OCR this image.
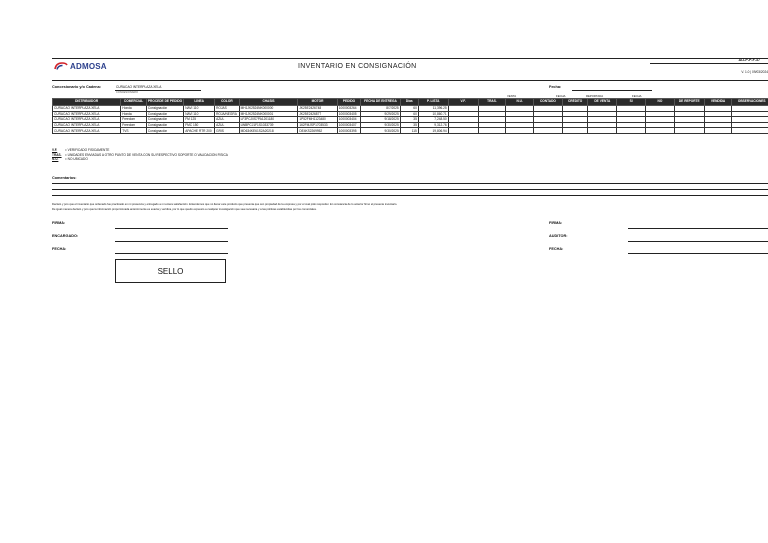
ADMOSA	INVENTARIO EN CONSIGNACIÓN
AI-LP-P-F-37
V. 1.0 | 09/03/2024
Concesionario y/o Cadena:	CURACAO INTERPLAZA XELA
CONCESIONARIO
Fecha:
VENTA	FECHA	REPORTADA	FECHA
DISTRIBUIDOR	COMERCIAL	PROCEDE DE PEDIDO	LINEA	COLOR	CHASIS	MOTOR	PEDIDO	FECHA DE ENTREGA	Días	P. LISTA	V.F.	TRAS.	N.U.	CONTADO	CRÉDITO	DE VENTA	SI	NO	DE REPORTE	VENDIDA	OBSERVACIONES
CURACAO INTERPLAZA XELA	Honda	Consignación	NAVI 110	ROJAS	MH1JK2524NK000000	JK25E2426748	1000003264	8/7/2025	60	11,396.25											
CURACAO INTERPLAZA XELA	Honda	Consignación	NAVI 110	ROJA/NEGRA	MH1JK2524NK000001	JK25E2426877	1000003405	9/29/2025	60	10,860.71											
CURACAO INTERPLAZA XELA	Freedom	Consignación	FM 125	AZUL	LF3PCJ0S7PA1201180	1P52FMH1123480	1000003404	9/18/2025	35	7,248.50											
CURACAO INTERPLAZA XELA	Freedom	Consignación	FMC 150	AZUL	LWBPCJ1F1S1033739	162FMJSP1703533	1000003407	9/30/2025	35	9,312.76											
CURACAO INTERPLAZA XELA	TVS	Consignación	APACHE RTR 200	GRIS	MD634KE61S2A20218	DE4KS2269952	1000003395	9/30/2025	115	19,806.94											
V.F. = VERIFICADO FISICAMENTE
TRAS. = UNIDADES ENVIADAS A OTRO PUNTO DE VENTA CON SU RESPECTIVO SOPORTE O VALIDACION FISICA
N.U. = NO UBICADO
Comentarios:
Declaro y juro que el inventario que ordenado fue practicado en mi presencia y entregado a mi entera satisfacción. Entendemos que no llenar este producto que presenta que son propiedad de la empresa y por el cual pido responder. En constancia de lo anterior firmo el presente inventario.
De igual manera declaro y juro que la información proporcionada anteriormente es exacta y verídica, por lo que quedo expuesto a cualquier investigación que sea necesaria y a las políticas establecidas por los comerciales.
FIRMA:
ENCARGADO:
FECHA:
FIRMA:
AUDITOR:
FECHA:
SELLO
